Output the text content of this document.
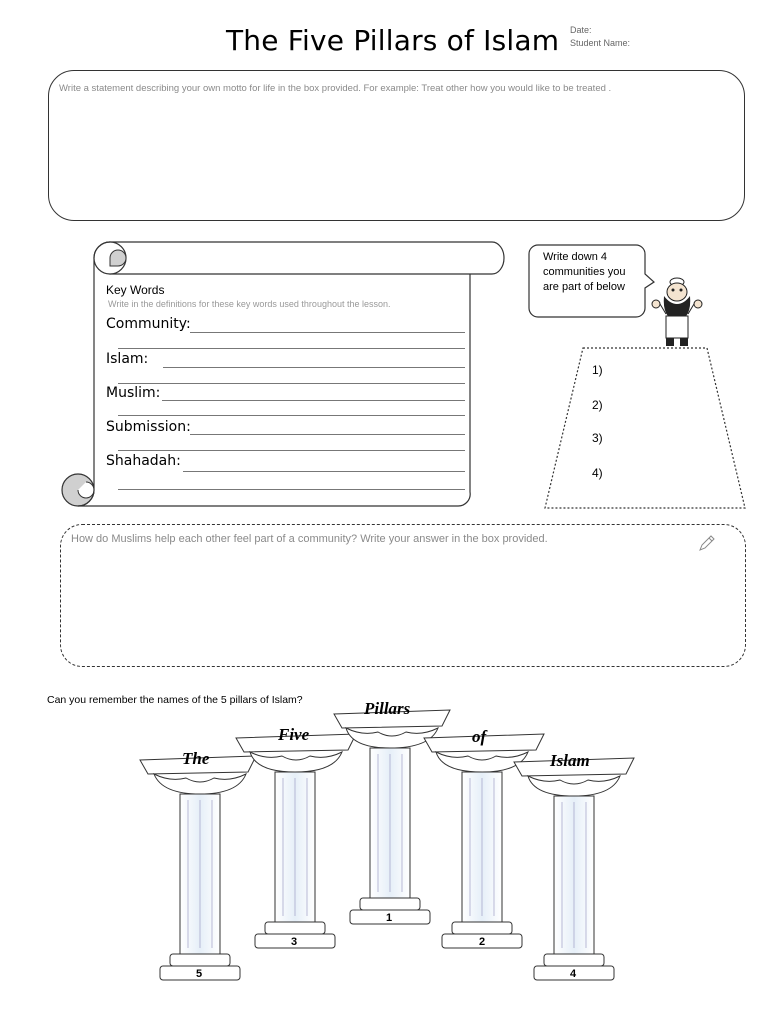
The Five Pillars of Islam Date:
Student Name:
Write a statement describing your own motto for life in the box provided. For example: Treat other how you would like to be treated .
Key Words
Write in the definitions for these key words used throughout the lesson.
Community:
Islam:
Muslim:
Submission:
Shahadah:
Write down 4 communities you are part of below
1)
2)
3)
4)
How do Muslims help each other feel part of a community? Write your answer in the box provided.
Can you remember the names of the 5 pillars of Islam?
The
Five
Pillars
of
Islam
5
3
1
2
4
